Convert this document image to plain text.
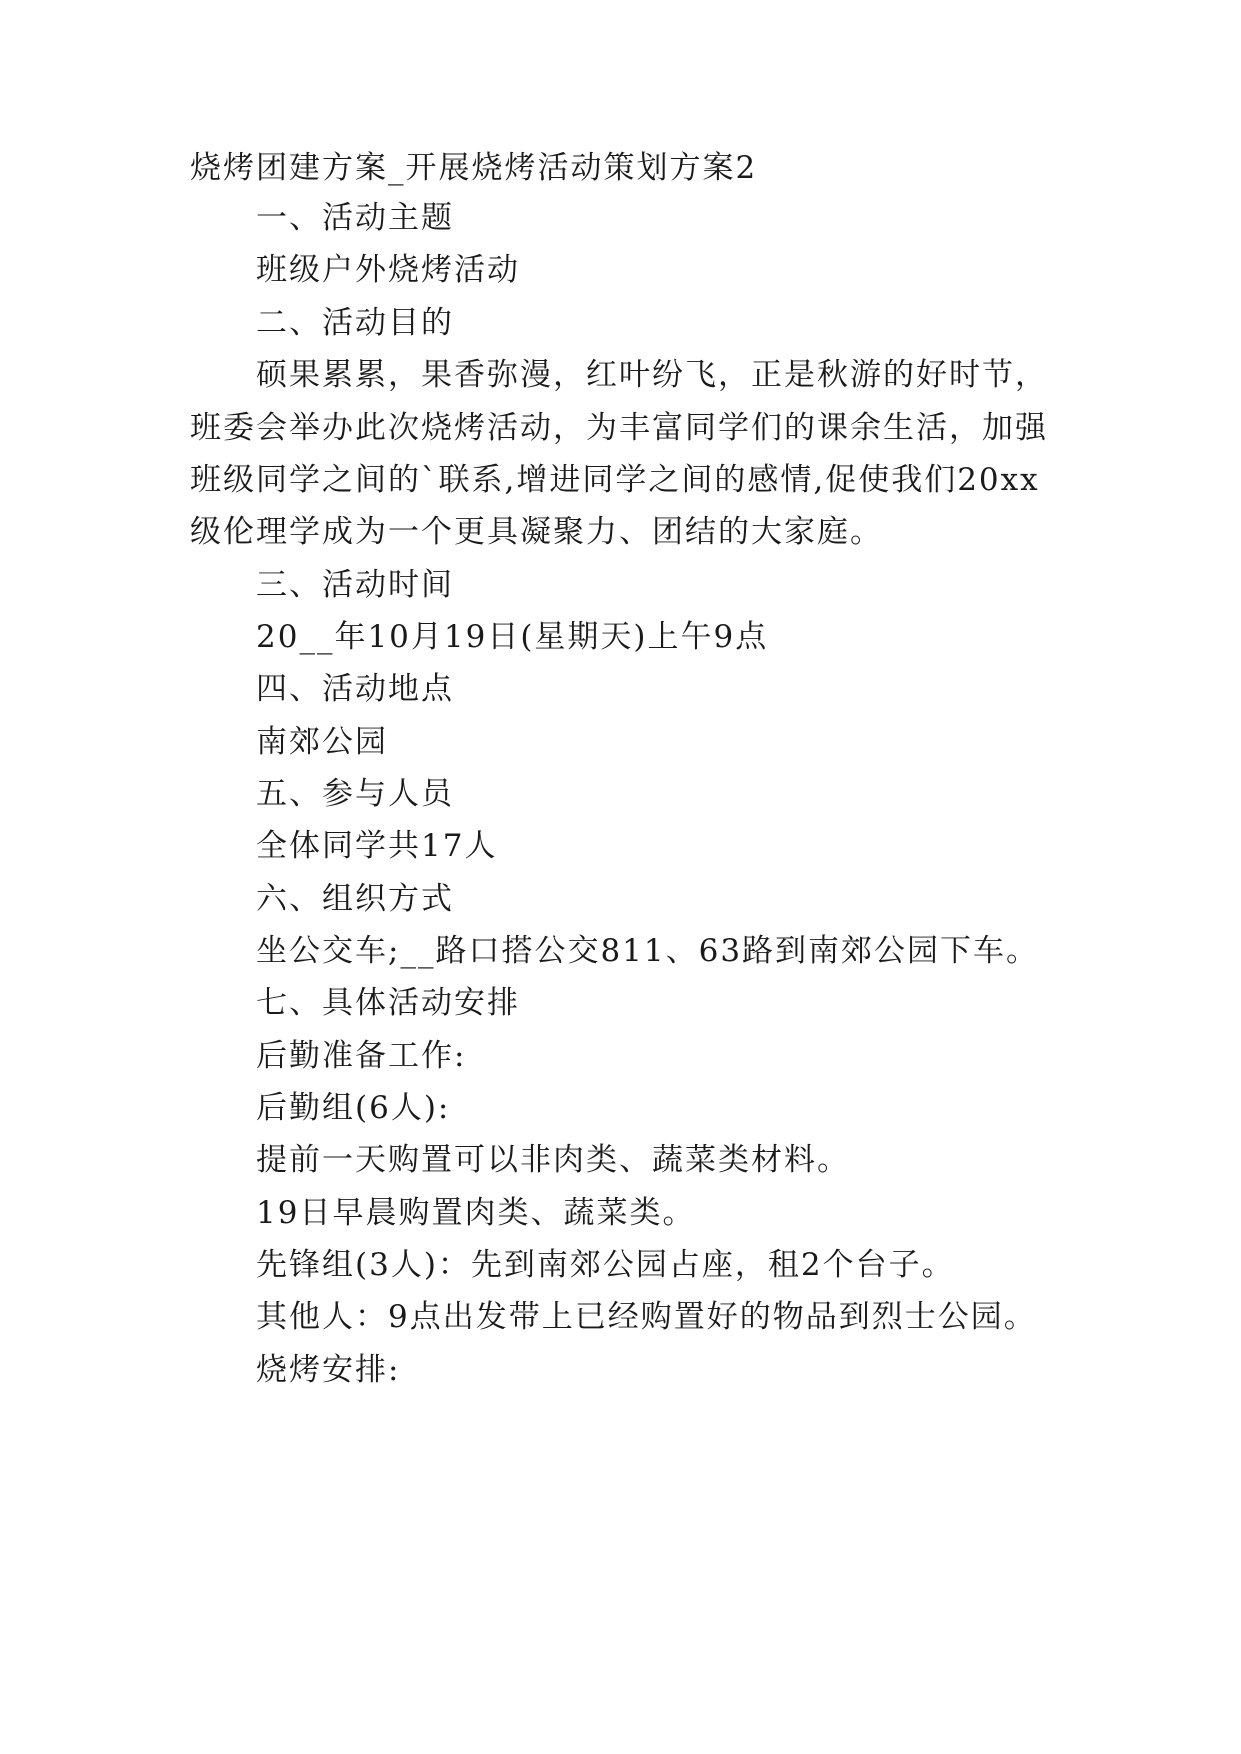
烧烤团建方案_开展烧烤活动策划方案2
一、活动主题
班级户外烧烤活动
二、活动目的
硕果累累，果香弥漫，红叶纷飞，正是秋游的好时节，
班委会举办此次烧烤活动，为丰富同学们的课余生活，加强
班级同学之间的`联系,增进同学之间的感情,促使我们20xx
级伦理学成为一个更具凝聚力、团结的大家庭。
三、活动时间
20__年10月19日(星期天)上午9点
四、活动地点
南郊公园
五、参与人员
全体同学共17人
六、组织方式
坐公交车;__路口搭公交811、63路到南郊公园下车。
七、具体活动安排
后勤准备工作:
后勤组(6人):
提前一天购置可以非肉类、蔬菜类材料。
19日早晨购置肉类、蔬菜类。
先锋组(3人)：先到南郊公园占座，租2个台子。
其他人：9点出发带上已经购置好的物品到烈士公园。
烧烤安排:
